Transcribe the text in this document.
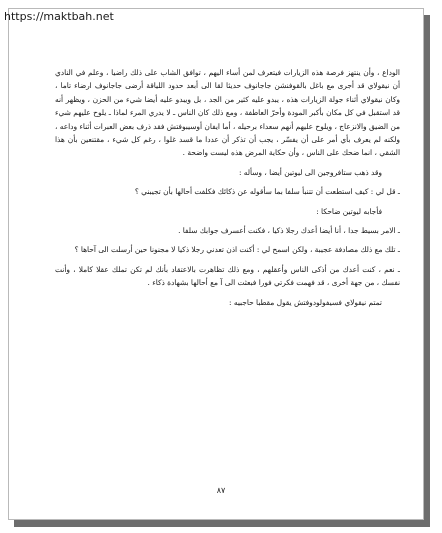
https://maktbah.net

الوداع ، وأن ينتهز فرصة هذه الزيارات فيتعرف لمن أساء اليهم ، توافق الشاب على ذلك راضيا ، وعلم في النادي أن نيقولاي قد أجرى مع باغل بالقوفنشن جاجانوف حديثا لقا الى أبعد حدود اللياقة أرضى جاجانوف ارضاء تاما ، وكان نيقولاي أثناء جولة الزيارات هذه ، يبدو عليه كثير من الجد ، بل ويبدو عليه أيضا شيء من الحزن ، ويظهر أنه قد استقبل في كل مكان بأكبر المودة وأحرّ العاطفة ، ومع ذلك كان الناس ـ لا يدري المرء لماذا ـ يلوح عليهم شيء من الضيق والانزعاج ، ويلوح عليهم أنهم سعداء برحيله ، أما ايفان أوسيبوفتش فقد ذرف بعض العبرات أثناء وداعه ، ولكنه لم يعرف بأي أمر على أن يفسّر ، يجب أن تذكر أن عددا ما قسد غلوا ، رغم كل شيء ، مقتنعين بأن هذا الشقي ، انما ضحك على الناس ، وأن حكاية المرض هذه ليست واضحة .

وقد ذهب ستافروجين الى ليوتين أيضا ، وسأله :

ـ قل لي : كيف استطعت أن تتنبأ سلفا بما سأقوله عن ذكائك فكلفت أحالها بأن تجيبني ؟

فأجابه ليوتين ضاحكا :

ـ الامر بسيط جدا ، أنا أيضا أعدك رجلا ذكيا ، فكنت أعسرف جوابك سلفا .

ـ تلك مع ذلك مصادفة عجيبة ، ولكن اسمح لي : أكنت اذن تعدني رجلا ذكيا لا مجنونا حين أرسلت الى آحاها ؟

ـ نعم ، كنت أعدك من أذكى الناس وأعقلهم ، ومع ذلك تظاهرت بالاعتقاد بأنك لم تكن تملك عقلا كاملا ، وأنت نفسك ، من جهة أخرى ، قد فهمت فكرتي فورا فبعثت الى آ مع أحالها بشهادة ذكاء .

تمتم نيقولاي فسيفولودوفتش يقول مقطبا حاجبيه :

٨٧
